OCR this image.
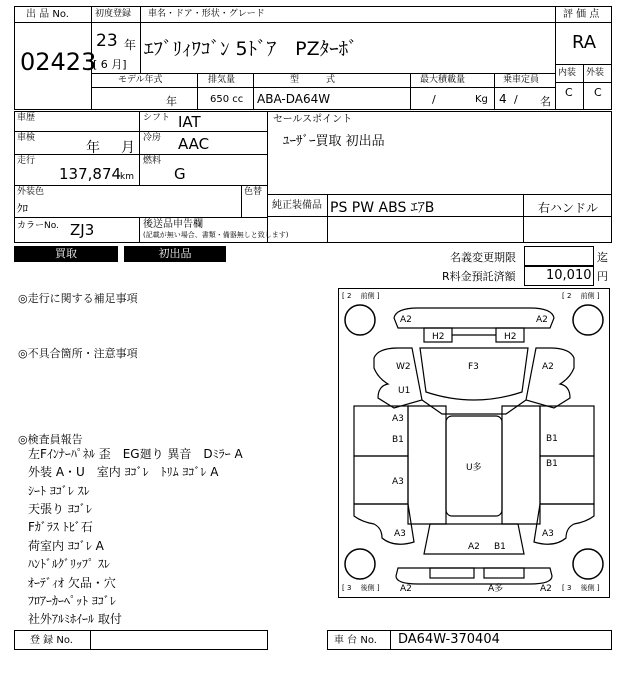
出 品 No.
02423
初度登録
23 年
[ 6 月]
車名・ドア・形状・グレード
ｴﾌﾞﾘｨﾜｺﾞﾝ 5ﾄﾞｱ　PZﾀｰﾎﾞ
評 価 点
RA
内装 外装
C C
モデル年式	排気量	型　　　式	最大積載量	乗車定員
年	650 cc ABA-DA64W	/	Kg 4 / 名
車歴	シフト IAT
車検
年 月
冷房 AAC
走行
137,874
km
燃料
G
外装色
ｸﾛ
色替
カラーNo. ZJ3	後送品申告欄
(記載が無い場合、書類・備器無しと致します)
セールスポイント
ﾕｰｻﾞｰ買取 初出品
純正装備品 PS PW ABS ｴｱB	右ハンドル
買取	初出品	名義変更期限	迄
R料金預託済額 10,010 円
◎走行に関する補足事項
◎不具合箇所・注意事項
◎検査員報告
左Fｲﾝﾅｰﾊﾟﾈﾙ 歪　EG廻り 異音　Dﾐﾗｰ A
外装 A・U　室内 ﾖｺﾞﾚ　ﾄﾘﾑ ﾖｺﾞﾚ A
ｼｰﾄ ﾖｺﾞﾚ ｽﾚ
天張り ﾖｺﾞﾚ
Fｶﾞﾗｽ ﾄﾋﾞ石
荷室内 ﾖｺﾞﾚ A
ﾊﾝﾄﾞﾙｸﾞﾘｯﾌﾟ ｽﾚ
ｵｰﾃﾞｨｵ 欠品・穴
ﾌﾛｱｰｶｰﾍﾟｯﾄ ﾖｺﾞﾚ
社外ｱﾙﾐﾎｲｰﾙ 取付
[ 2 　前側 ]	[ 2 　前側 ]
[ 3 　後側 ]	[ 3 　後側 ]
A2	A2
H2	H2
F3
W2
U1
A2
A3
B1
A3
B1
B1
U多
A3	A3
A2 B1
A2	A多	A2
登 録 No.	車 台 No. DA64W-370404
